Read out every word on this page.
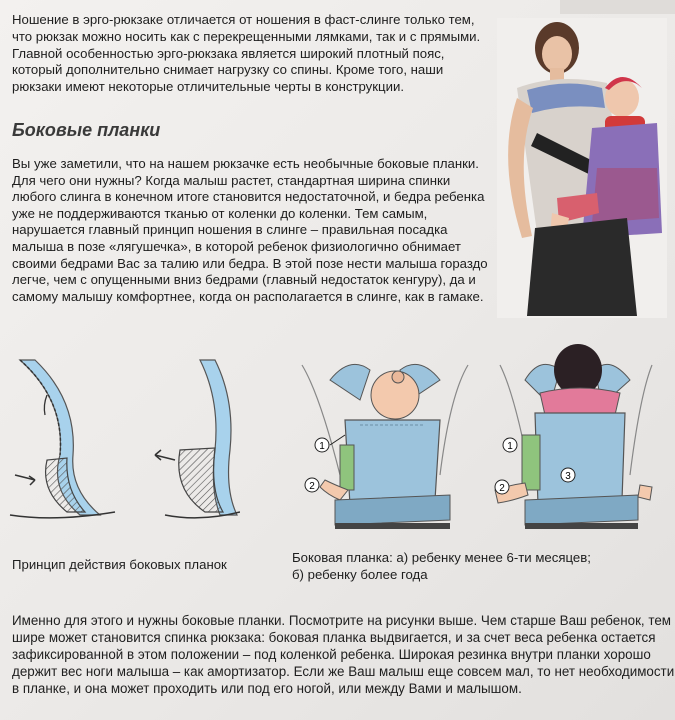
Ношение в эрго-рюкзаке отличается от ношения в фаст-слинге только тем, что рюкзак можно носить как с перекрещенными лямками, так и с прямыми. Главной особенностью эрго-рюкзака является широкий плотный пояс, который дополнительно снимает нагрузку со спины. Кроме того, наши рюкзаки имеют некоторые отличительные черты в конструкции.

Боковые планки

Вы уже заметили, что на нашем рюкзачке есть необычные боковые планки. Для чего они нужны? Когда малыш растет, стандартная ширина спинки любого слинга в конечном итоге становится недостаточной, и бедра ребенка уже не поддерживаются тканью от коленки до коленки. Тем самым, нарушается главный принцип ношения в слинге – правильная посадка малыша в позе «лягушечка», в которой ребенок физиологично обнимает своими бедрами Вас за талию или бедра. В этой позе нести малыша гораздо легче, чем с опущенными вниз бедрами (главный недостаток кенгуру), да и самому малышу комфортнее, когда он располагается в слинге, как в гамаке.

1
2
1
2
3

Принцип действия боковых планок	Боковая планка: а) ребенку менее 6-ти месяцев;
б) ребенку более года

Именно для этого и нужны боковые планки. Посмотрите на рисунки выше. Чем старше Ваш ребенок, тем шире может становится спинка рюкзака: боковая планка выдвигается, и за счет веса ребенка остается зафиксированной в этом положении – под коленкой ребенка. Широкая резинка внутри планки хорошо держит вес ноги малыша – как амортизатор. Если же Ваш малыш еще совсем мал, то нет необходимости в планке, и она может проходить или под его ногой, или между Вами и малышом.
